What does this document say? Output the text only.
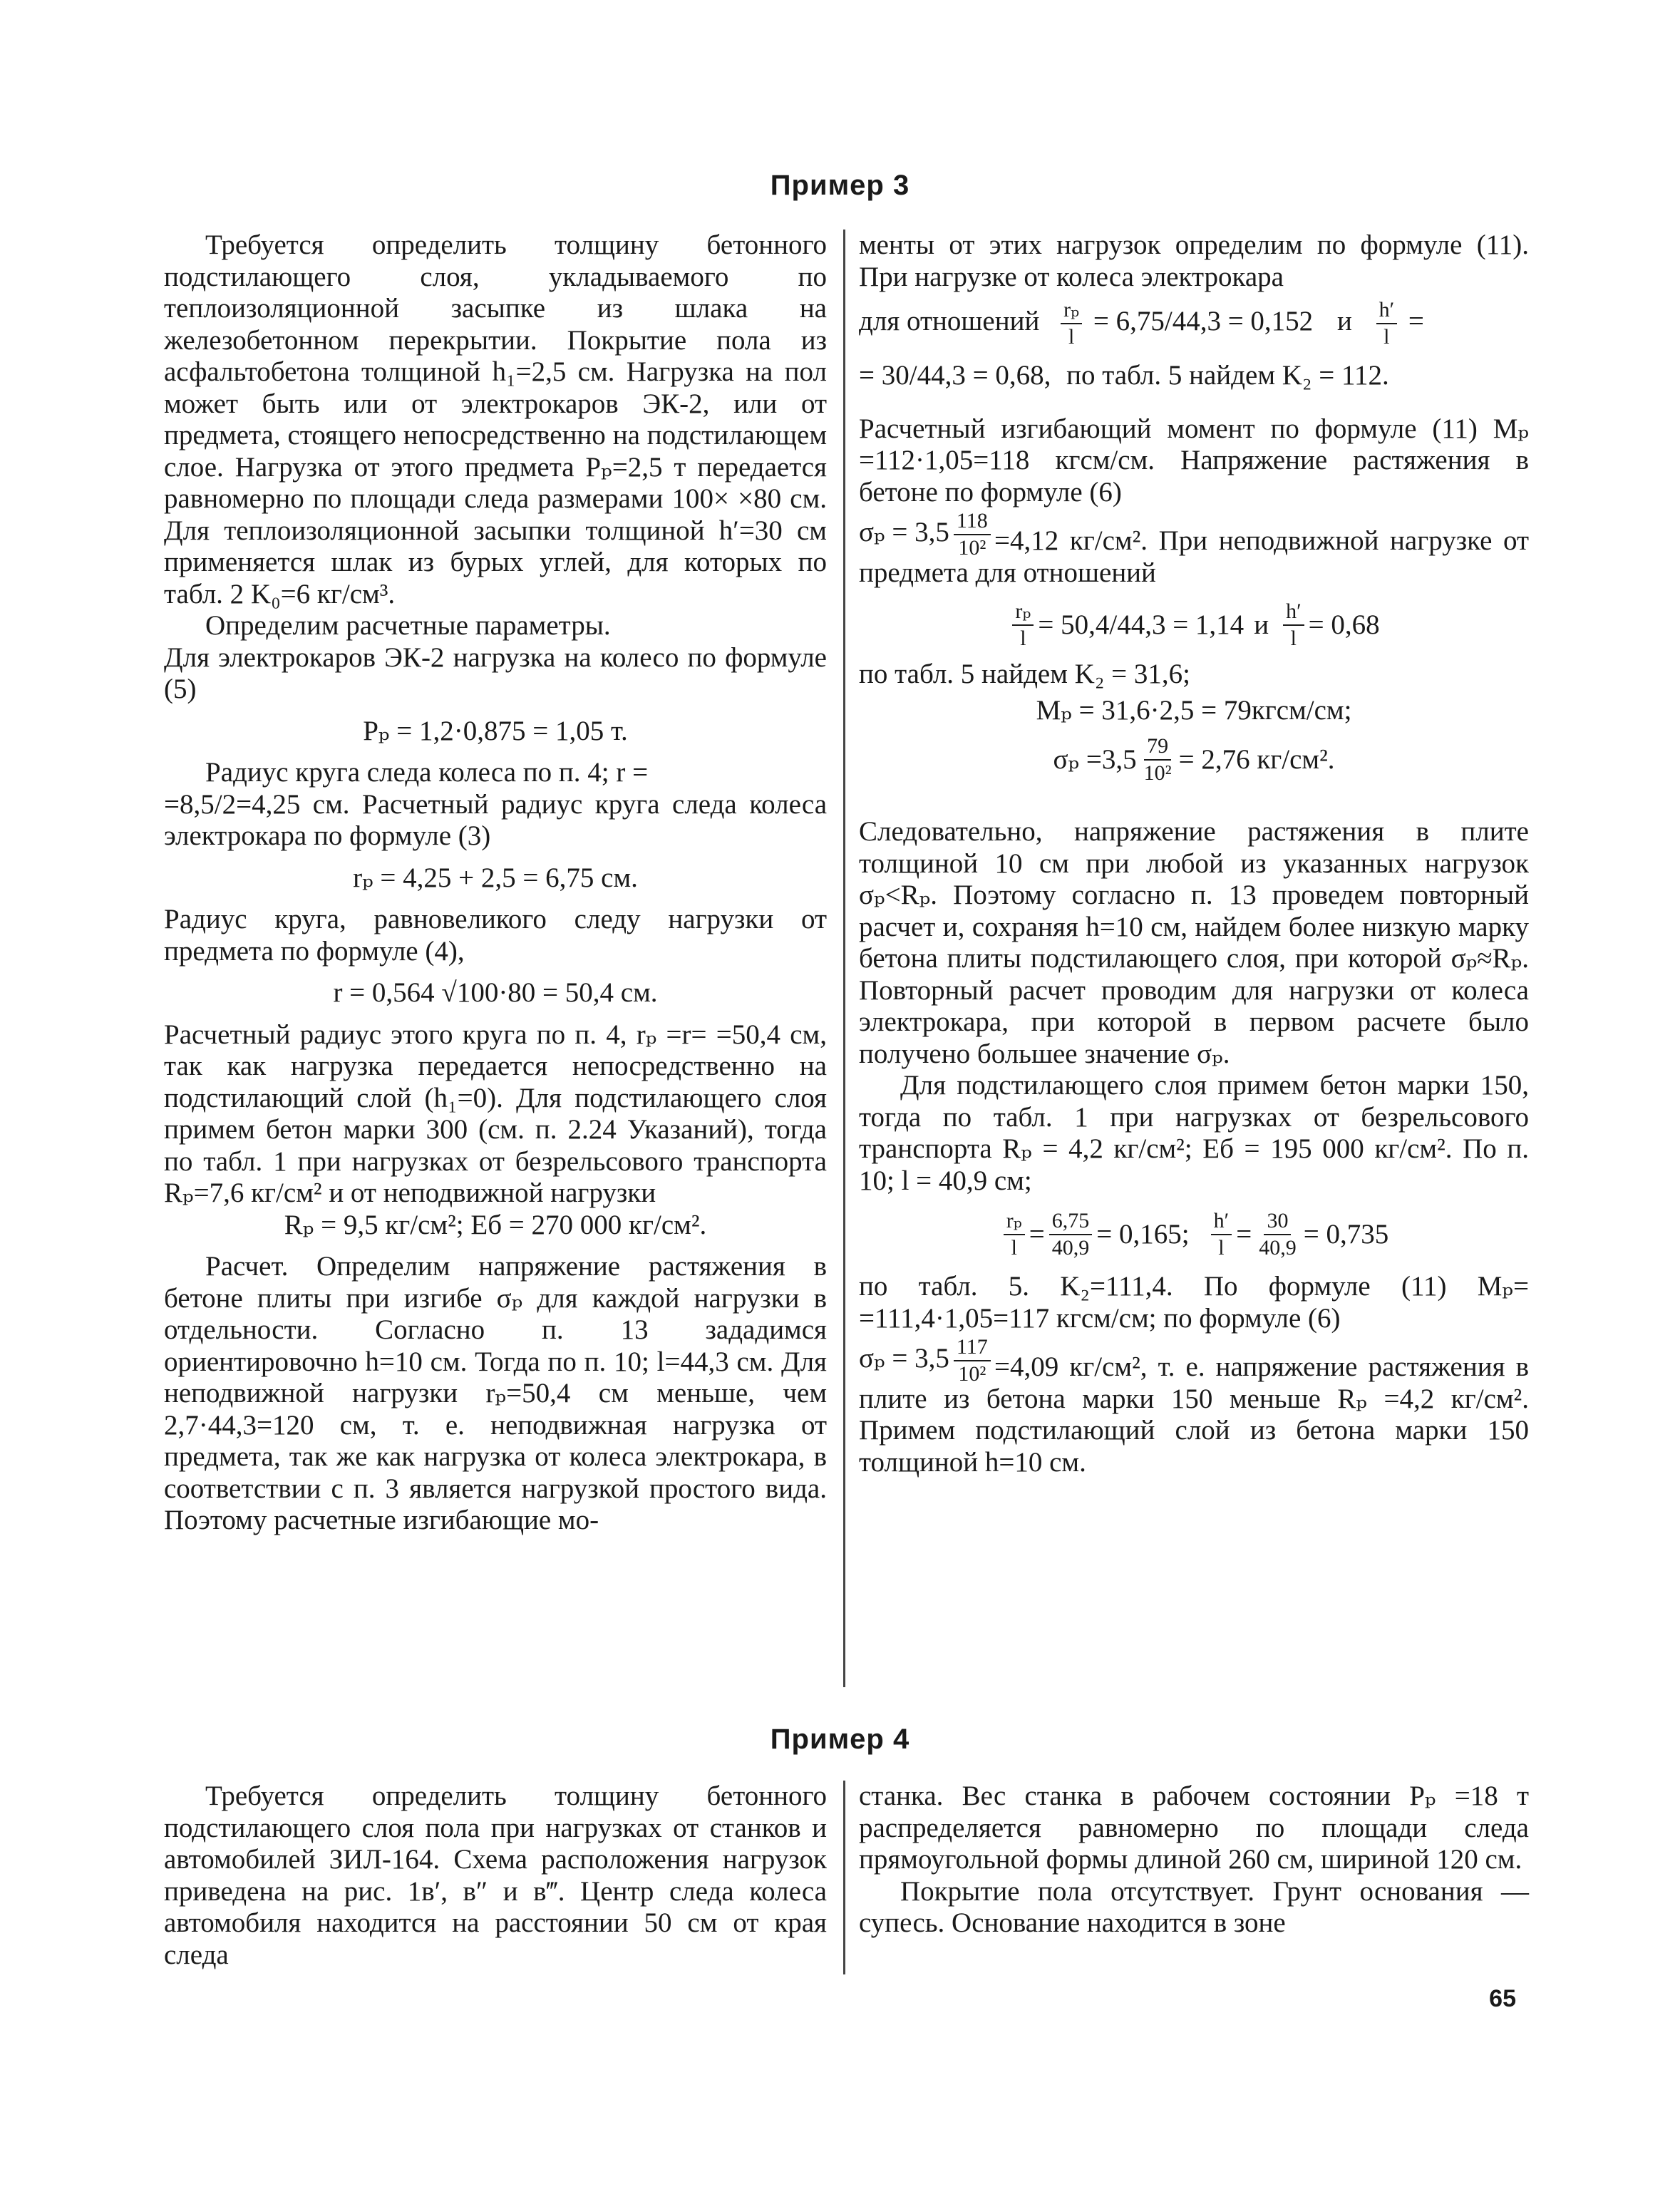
Пример 3

Требуется определить толщину бетонного подстилающего слоя, укладываемого по теплоизоляционной засыпке из шлака на железобетонном перекрытии. Покрытие пола из асфальтобетона толщиной h₁=2,5 см. Нагрузка на пол может быть или от электрокаров ЭК-2, или от предмета, стоящего непосредственно на подстилающем слое. Нагрузка от этого предмета Pₚ=2,5 т передается равномерно по площади следа размерами 100× ×80 см. Для теплоизоляционной засыпки толщиной h′=30 см применяется шлак из бурых углей, для которых по табл. 2 K₀=6 кг/см³.

Определим расчетные параметры.

Для электрокаров ЭК-2 нагрузка на колесо по формуле (5)

Pₚ = 1,2·0,875 = 1,05 т.

Радиус круга следа колеса по п. 4; r =

=8,5/2=4,25 см. Расчетный радиус круга следа колеса электрокара по формуле (3)

rₚ = 4,25 + 2,5 = 6,75 см.

Радиус круга, равновеликого следу нагрузки от предмета по формуле (4),

r = 0,564 √100·80 = 50,4 см.

Расчетный радиус этого круга по п. 4, rₚ =r= =50,4 см, так как нагрузка передается непосредственно на подстилающий слой (h₁=0). Для подстилающего слоя примем бетон марки 300 (см. п. 2.24 Указаний), тогда по табл. 1 при нагрузках от безрельсового транспорта Rₚ=7,6 кг/см² и от неподвижной нагрузки

Rₚ = 9,5 кг/см²; Eб = 270 000 кг/см².

Расчет. Определим напряжение растяжения в бетоне плиты при изгибе σₚ для каждой нагрузки в отдельности. Согласно п. 13 зададимся ориентировочно h=10 см. Тогда по п. 10; l=44,3 см. Для неподвижной нагрузки rₚ=50,4 см меньше, чем 2,7·44,3=120 см, т. е. неподвижная нагрузка от предмета, так же как нагрузка от колеса электрокара, в соответствии с п. 3 является нагрузкой простого вида. Поэтому расчетные изгибающие мо-

менты от этих нагрузок определим по формуле (11). При нагрузке от колеса электрокара

для отношений $\frac{\text{rₚ}}{l} = 6,75/44,3 = 0,152$ и $\frac{h'}{l}$ =
= 30/44,3 = 0,68, по табл. 5 найдем K₂ = 112.

Расчетный изгибающий момент по формуле (11) Mₚ =112·1,05=118 кгсм/см. Напряжение растяжения в бетоне по формуле (6)

$\sigma_p = 3,5 \frac{118}{\text{10²}} =4,12$ кг/см². При неподвижной нагрузке от предмета для отношений

$\frac{\text{rₚ}}{l} = 50,4/44,3 = 1,14$ и $\frac{h'}{l} = 0,68$

по табл. 5 найдем K₂ = 31,6;

Mₚ = 31,6·2,5 = 79кгсм/см;

$\sigma_p =3,5 \frac{79}{\text{10²}} = 2,76$ кг/см².

Следовательно, напряжение растяжения в плите толщиной 10 см при любой из указанных нагрузок σₚ<Rₚ. Поэтому согласно п. 13 проведем повторный расчет и, сохраняя h=10 см, найдем более низкую марку бетона плиты подстилающего слоя, при которой σₚ≈Rₚ. Повторный расчет проводим для нагрузки от колеса электрокара, при которой в первом расчете было получено большее значение σₚ.

Для подстилающего слоя примем бетон марки 150, тогда по табл. 1 при нагрузках от безрельсового транспорта Rₚ = 4,2 кг/см²; Eб = 195 000 кг/см². По п. 10; l = 40,9 см;

$\frac{\text{rₚ}}{l} = \frac{6,75}{40,9} = 0,165$; $\frac{h'}{l} = \frac{30}{40,9} = 0,735$

по табл. 5. K₂=111,4. По формуле (11) Mₚ= =111,4·1,05=117 кгсм/см; по формуле (6)

$\sigma_p = 3,5 \frac{117}{\text{10²}} =4,09$ кг/см², т. е. напряжение растяжения в плите из бетона марки 150 меньше Rₚ =4,2 кг/см². Примем подстилающий слой из бетона марки 150 толщиной h=10 см.

Пример 4

Требуется определить толщину бетонного подстилающего слоя пола при нагрузках от станков и автомобилей ЗИЛ-164. Схема расположения нагрузок приведена на рис. 1в′, в″ и в‴. Центр следа колеса автомобиля находится на расстоянии 50 см от края следа

станка. Вес станка в рабочем состоянии Pₚ =18 т распределяется равномерно по площади следа прямоугольной формы длиной 260 см, шириной 120 см.

Покрытие пола отсутствует. Грунт основания — супесь. Основание находится в зоне

65
